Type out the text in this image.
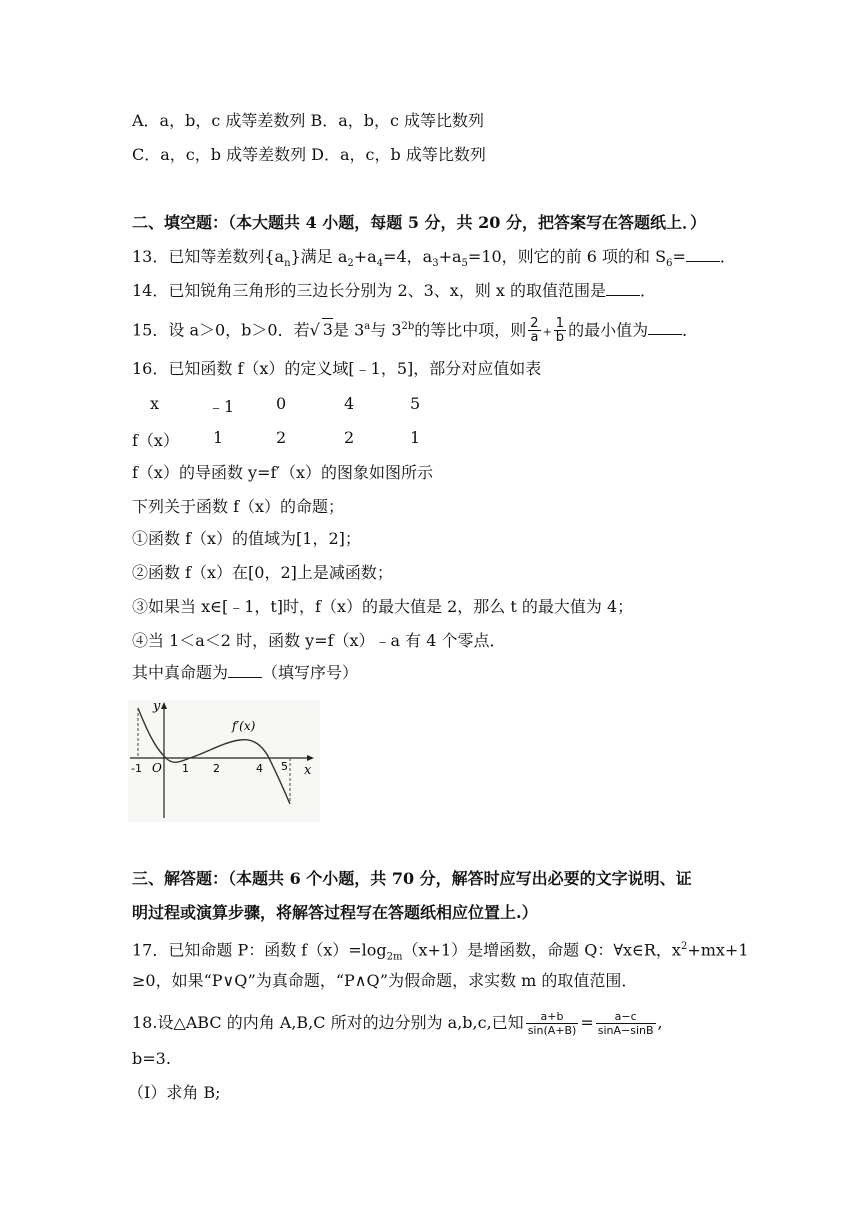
A．a，b，c 成等差数列 B．a，b，c 成等比数列
C．a，c，b 成等差数列 D．a，c，b 成等比数列
二、填空题：（本大题共 4 小题，每题 5 分，共 20 分，把答案写在答题纸上．）
13．已知等差数列$\{a_n\}$满足 $a_2+a_4=4$，$a_3+a_5=10$，则它的前 6 项的和 $S_6=$ ．
14．已知锐角三角形的三边长分别为 2、3、x，则 x 的取值范围是 ．
15．设 a＞0，b＞0．若√ 3是 3$^a$与 $3^{2b}$的等比中项，则 $\frac{2}{a} + \frac{1}{b}$ 的最小值为 ．
16．已知函数 f（x）的定义域[﹣1，5]，部分对应值如表
x	﹣1	0	4	5
f（x） 1	2	2	1
f（x）的导函数 y=f′（x）的图象如图所示
下列关于函数 f（x）的命题；
①函数 f（x）的值域为[1，2]；
②函数 f（x）在[0，2]上是减函数；
③如果当 x∈[﹣1，t]时，f（x）的最大值是 2，那么 t 的最大值为 4；
④当 1＜a＜2 时，函数 y=f（x）﹣a 有 4 个零点．
其中真命题为 （填写序号）
y
x
f′(x)
O
-1	1 2	4 5
三、解答题：（本题共 6 个小题，共 70 分，解答时应写出必要的文字说明、证
明过程或演算步骤，将解答过程写在答题纸相应位置上.）
17．已知命题 P：函数 $f(x)=\log_{2m}(x+1)$是增函数，命题 Q：∀x∈R，$x^2+mx+1$
≥0，如果“P∨Q”为真命题，“P∧Q”为假命题，求实数 m 的取值范围．
18.设△ABC 的内角 A,B,C 所对的边分别为 a,b,c,已知 $\frac{a+b}{\sin(A+B)} = \frac{a-c}{\sin A-\sin B}$ ,
b=3.
（Ⅰ）求角 B;
